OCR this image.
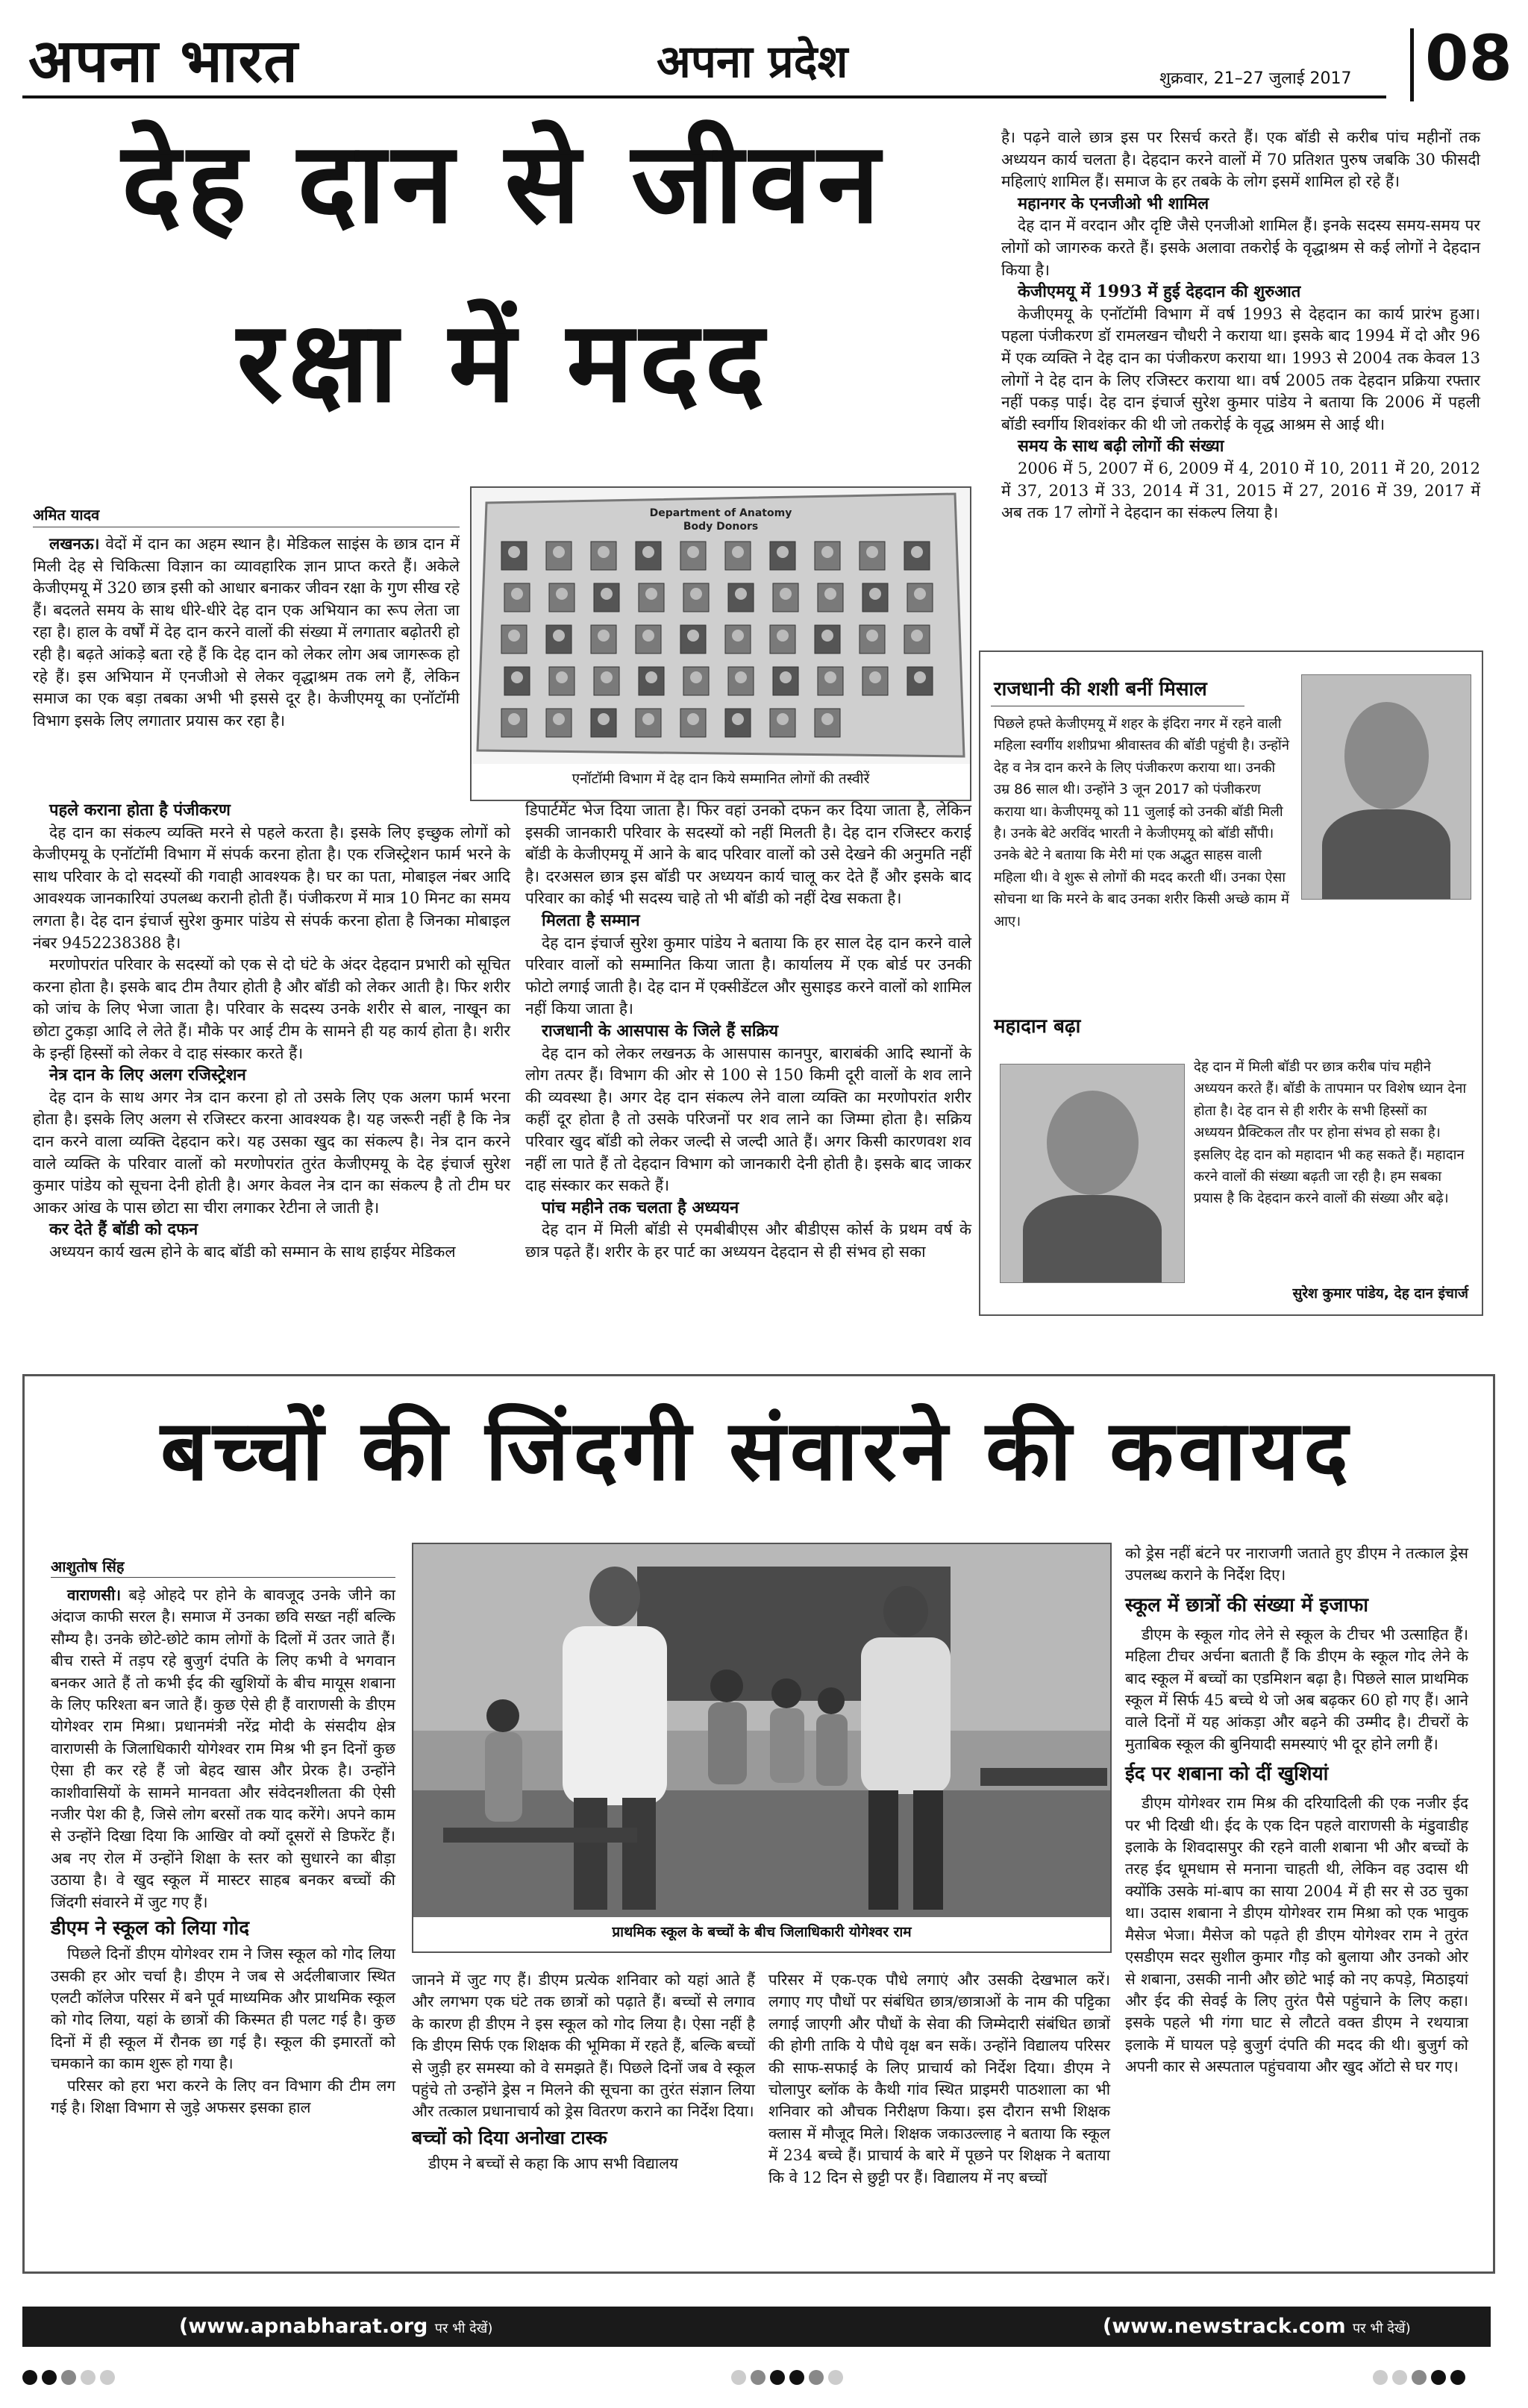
अपना भारत	अपना प्रदेश	शुक्रवार, 21–27 जुलाई 2017 08
देह दान से जीवन
रक्षा में मदद
अमित यादव	Department of Anatomy
Body Donors
एनॉटॉमी विभाग में देह दान किये सम्मानित लोगों की तस्वीरें

लखनऊ। वेदों में दान का अहम स्थान है। मेडिकल साइंस के छात्र दान में मिली देह से चिकित्सा विज्ञान का व्यावहारिक ज्ञान प्राप्त करते हैं। अकेले केजीएमयू में 320 छात्र इसी को आधार बनाकर जीवन रक्षा के गुण सीख रहे हैं। बदलते समय के साथ धीरे-धीरे देह दान एक अभियान का रूप लेता जा रहा है। हाल के वर्षों में देह दान करने वालों की संख्या में लगातार बढ़ोतरी हो रही है। बढ़ते आंकड़े बता रहे हैं कि देह दान को लेकर लोग अब जागरूक हो रहे हैं। इस अभियान में एनजीओ से लेकर वृद्धाश्रम तक लगे हैं, लेकिन समाज का एक बड़ा तबका अभी भी इससे दूर है। केजीएमयू का एनॉटॉमी विभाग इसके लिए लगातार प्रयास कर रहा है।

पहले कराना होता है पंजीकरण

देह दान का संकल्प व्यक्ति मरने से पहले करता है। इसके लिए इच्छुक लोगों को केजीएमयू के एनॉटॉमी विभाग में संपर्क करना होता है। एक रजिस्ट्रेशन फार्म भरने के साथ परिवार के दो सदस्यों की गवाही आवश्यक है। घर का पता, मोबाइल नंबर आदि आवश्यक जानकारियां उपलब्ध करानी होती हैं। पंजीकरण में मात्र 10 मिनट का समय लगता है। देह दान इंचार्ज सुरेश कुमार पांडेय से संपर्क करना होता है जिनका मोबाइल नंबर 9452238388 है।

मरणोपरांत परिवार के सदस्यों को एक से दो घंटे के अंदर देहदान प्रभारी को सूचित करना होता है। इसके बाद टीम तैयार होती है और बॉडी को लेकर आती है। फिर शरीर को जांच के लिए भेजा जाता है। परिवार के सदस्य उनके शरीर से बाल, नाखून का छोटा टुकड़ा आदि ले लेते हैं। मौके पर आई टीम के सामने ही यह कार्य होता है। शरीर के इन्हीं हिस्सों को लेकर वे दाह संस्कार करते हैं।

नेत्र दान के लिए अलग रजिस्ट्रेशन

देह दान के साथ अगर नेत्र दान करना हो तो उसके लिए एक अलग फार्म भरना होता है। इसके लिए अलग से रजिस्टर करना आवश्यक है। यह जरूरी नहीं है कि नेत्र दान करने वाला व्यक्ति देहदान करे। यह उसका खुद का संकल्प है। नेत्र दान करने वाले व्यक्ति के परिवार वालों को मरणोपरांत तुरंत केजीएमयू के देह इंचार्ज सुरेश कुमार पांडेय को सूचना देनी होती है। अगर केवल नेत्र दान का संकल्प है तो टीम घर आकर आंख के पास छोटा सा चीरा लगाकर रेटीना ले जाती है।

कर देते हैं बॉडी को दफन

अध्ययन कार्य खत्म होने के बाद बॉडी को सम्मान के साथ हाईयर मेडिकल

डिपार्टमेंट भेज दिया जाता है। फिर वहां उनको दफन कर दिया जाता है, लेकिन इसकी जानकारी परिवार के सदस्यों को नहीं मिलती है। देह दान रजिस्टर कराई बॉडी के केजीएमयू में आने के बाद परिवार वालों को उसे देखने की अनुमति नहीं है। दरअसल छात्र इस बॉडी पर अध्ययन कार्य चालू कर देते हैं और इसके बाद परिवार का कोई भी सदस्य चाहे तो भी बॉडी को नहीं देख सकता है।

मिलता है सम्मान

देह दान इंचार्ज सुरेश कुमार पांडेय ने बताया कि हर साल देह दान करने वाले परिवार वालों को सम्मानित किया जाता है। कार्यालय में एक बोर्ड पर उनकी फोटो लगाई जाती है। देह दान में एक्सीडेंटल और सुसाइड करने वालों को शामिल नहीं किया जाता है।

राजधानी के आसपास के जिले हैं सक्रिय

देह दान को लेकर लखनऊ के आसपास कानपुर, बाराबंकी आदि स्थानों के लोग तत्पर हैं। विभाग की ओर से 100 से 150 किमी दूरी वालों के शव लाने की व्यवस्था है। अगर देह दान संकल्प लेने वाला व्यक्ति का मरणोपरांत शरीर कहीं दूर होता है तो उसके परिजनों पर शव लाने का जिम्मा होता है। सक्रिय परिवार खुद बॉडी को लेकर जल्दी से जल्दी आते हैं। अगर किसी कारणवश शव नहीं ला पाते हैं तो देहदान विभाग को जानकारी देनी होती है। इसके बाद जाकर दाह संस्कार कर सकते हैं।

पांच महीने तक चलता है अध्ययन

देह दान में मिली बॉडी से एमबीबीएस और बीडीएस कोर्स के प्रथम वर्ष के छात्र पढ़ते हैं। शरीर के हर पार्ट का अध्ययन देहदान से ही संभव हो सका

है। पढ़ने वाले छात्र इस पर रिसर्च करते हैं। एक बॉडी से करीब पांच महीनों तक अध्ययन कार्य चलता है। देहदान करने वालों में 70 प्रतिशत पुरुष जबकि 30 फीसदी महिलाएं शामिल हैं। समाज के हर तबके के लोग इसमें शामिल हो रहे हैं।

महानगर के एनजीओ भी शामिल

देह दान में वरदान और दृष्टि जैसे एनजीओ शामिल हैं। इनके सदस्य समय-समय पर लोगों को जागरुक करते हैं। इसके अलावा तकरोई के वृद्धाश्रम से कई लोगों ने देहदान किया है।

केजीएमयू में 1993 में हुई देहदान की शुरुआत

केजीएमयू के एनॉटॉमी विभाग में वर्ष 1993 से देहदान का कार्य प्रारंभ हुआ। पहला पंजीकरण डॉ रामलखन चौधरी ने कराया था। इसके बाद 1994 में दो और 96 में एक व्यक्ति ने देह दान का पंजीकरण कराया था। 1993 से 2004 तक केवल 13 लोगों ने देह दान के लिए रजिस्टर कराया था। वर्ष 2005 तक देहदान प्रक्रिया रफ्तार नहीं पकड़ पाई। देह दान इंचार्ज सुरेश कुमार पांडेय ने बताया कि 2006 में पहली बॉडी स्वर्गीय शिवशंकर की थी जो तकरोई के वृद्ध आश्रम से आई थी।

समय के साथ बढ़ी लोगों की संख्या

2006 में 5, 2007 में 6, 2009 में 4, 2010 में 10, 2011 में 20, 2012 में 37, 2013 में 33, 2014 में 31, 2015 में 27, 2016 में 39, 2017 में अब तक 17 लोगों ने देहदान का संकल्प लिया है।

राजधानी की शशी बनीं मिसाल

पिछले हफ्ते केजीएमयू में शहर के इंदिरा नगर में रहने वाली महिला स्वर्गीय शशीप्रभा श्रीवास्तव की बॉडी पहुंची है। उन्होंने देह व नेत्र दान करने के लिए पंजीकरण कराया था। उनकी उम्र 86 साल थी। उन्होंने 3 जून 2017 को पंजीकरण कराया था। केजीएमयू को 11 जुलाई को उनकी बॉडी मिली है। उनके बेटे अरविंद भारती ने केजीएमयू को बॉडी सौंपी। उनके बेटे ने बताया कि मेरी मां एक अद्भुत साहस वाली महिला थी। वे शुरू से लोगों की मदद करती थीं। उनका ऐसा सोचना था कि मरने के बाद उनका शरीर किसी अच्छे काम में आए।

महादान बढ़ा

देह दान में मिली बॉडी पर छात्र करीब पांच महीने अध्ययन करते हैं। बॉडी के तापमान पर विशेष ध्यान देना होता है। देह दान से ही शरीर के सभी हिस्सों का अध्ययन प्रैक्टिकल तौर पर होना संभव हो सका है। इसलिए देह दान को महादान भी कह सकते हैं। महादान करने वालों की संख्या बढ़ती जा रही है। हम सबका प्रयास है कि देहदान करने वालों की संख्या और बढ़े।

सुरेश कुमार पांडेय, देह दान इंचार्ज
बच्चों की जिंदगी संवारने की कवायद
आशुतोष सिंह
प्राथमिक स्कूल के बच्चों के बीच जिलाधिकारी योगेश्वर राम

वाराणसी। बड़े ओहदे पर होने के बावजूद उनके जीने का अंदाज काफी सरल है। समाज में उनका छवि सख्त नहीं बल्कि सौम्य है। उनके छोटे-छोटे काम लोगों के दिलों में उतर जाते हैं। बीच रास्ते में तड़प रहे बुजुर्ग दंपति के लिए कभी वे भगवान बनकर आते हैं तो कभी ईद की खुशियों के बीच मायूस शबाना के लिए फरिश्ता बन जाते हैं। कुछ ऐसे ही हैं वाराणसी के डीएम योगेश्वर राम मिश्रा। प्रधानमंत्री नरेंद्र मोदी के संसदीय क्षेत्र वाराणसी के जिलाधिकारी योगेश्वर राम मिश्र भी इन दिनों कुछ ऐसा ही कर रहे हैं जो बेहद खास और प्रेरक है। उन्होंने काशीवासियों के सामने मानवता और संवेदनशीलता की ऐसी नजीर पेश की है, जिसे लोग बरसों तक याद करेंगे। अपने काम से उन्होंने दिखा दिया कि आखिर वो क्यों दूसरों से डिफरेंट हैं। अब नए रोल में उन्होंने शिक्षा के स्तर को सुधारने का बीड़ा उठाया है। वे खुद स्कूल में मास्टर साहब बनकर बच्चों की जिंदगी संवारने में जुट गए हैं।

डीएम ने स्कूल को लिया गोद

पिछले दिनों डीएम योगेश्वर राम ने जिस स्कूल को गोद लिया उसकी हर ओर चर्चा है। डीएम ने जब से अर्दलीबाजार स्थित एलटी कॉलेज परिसर में बने पूर्व माध्यमिक और प्राथमिक स्कूल को गोद लिया, यहां के छात्रों की किस्मत ही पलट गई है। कुछ दिनों में ही स्कूल में रौनक छा गई है। स्कूल की इमारतों को चमकाने का काम शुरू हो गया है।

परिसर को हरा भरा करने के लिए वन विभाग की टीम लग गई है। शिक्षा विभाग से जुड़े अफसर इसका हाल

जानने में जुट गए हैं। डीएम प्रत्येक शनिवार को यहां आते हैं और लगभग एक घंटे तक छात्रों को पढ़ाते हैं। बच्चों से लगाव के कारण ही डीएम ने इस स्कूल को गोद लिया है। ऐसा नहीं है कि डीएम सिर्फ एक शिक्षक की भूमिका में रहते हैं, बल्कि बच्चों से जुड़ी हर समस्या को वे समझते हैं। पिछले दिनों जब वे स्कूल पहुंचे तो उन्होंने ड्रेस न मिलने की सूचना का तुरंत संज्ञान लिया और तत्काल प्रधानाचार्य को ड्रेस वितरण कराने का निर्देश दिया।

बच्चों को दिया अनोखा टास्क

डीएम ने बच्चों से कहा कि आप सभी विद्यालय

परिसर में एक-एक पौधे लगाएं और उसकी देखभाल करें। लगाए गए पौधों पर संबंधित छात्र/छात्राओं के नाम की पट्टिका लगाई जाएगी और पौधों के सेवा की जिम्मेदारी संबंधित छात्रों की होगी ताकि ये पौधे वृक्ष बन सकें। उन्होंने विद्यालय परिसर की साफ-सफाई के लिए प्राचार्य को निर्देश दिया। डीएम ने चोलापुर ब्लॉक के कैथी गांव स्थित प्राइमरी पाठशाला का भी शनिवार को औचक निरीक्षण किया। इस दौरान सभी शिक्षक क्लास में मौजूद मिले। शिक्षक जकाउल्लाह ने बताया कि स्कूल में 234 बच्चे हैं। प्राचार्य के बारे में पूछने पर शिक्षक ने बताया कि वे 12 दिन से छुट्टी पर हैं। विद्यालय में नए बच्चों

को ड्रेस नहीं बंटने पर नाराजगी जताते हुए डीएम ने तत्काल ड्रेस उपलब्ध कराने के निर्देश दिए।

स्कूल में छात्रों की संख्या में इजाफा

डीएम के स्कूल गोद लेने से स्कूल के टीचर भी उत्साहित हैं। महिला टीचर अर्चना बताती हैं कि डीएम के स्कूल गोद लेने के बाद स्कूल में बच्चों का एडमिशन बढ़ा है। पिछले साल प्राथमिक स्कूल में सिर्फ 45 बच्चे थे जो अब बढ़कर 60 हो गए हैं। आने वाले दिनों में यह आंकड़ा और बढ़ने की उम्मीद है। टीचरों के मुताबिक स्कूल की बुनियादी समस्याएं भी दूर होने लगी हैं।

ईद पर शबाना को दीं खुशियां

डीएम योगेश्वर राम मिश्र की दरियादिली की एक नजीर ईद पर भी दिखी थी। ईद के एक दिन पहले वाराणसी के मंडुवाडीह इलाके के शिवदासपुर की रहने वाली शबाना भी और बच्चों के तरह ईद धूमधाम से मनाना चाहती थी, लेकिन वह उदास थी क्योंकि उसके मां-बाप का साया 2004 में ही सर से उठ चुका था। उदास शबाना ने डीएम योगेश्वर राम मिश्रा को एक भावुक मैसेज भेजा। मैसेज को पढ़ते ही डीएम योगेश्वर राम ने तुरंत एसडीएम सदर सुशील कुमार गौड़ को बुलाया और उनको ओर से शबाना, उसकी नानी और छोटे भाई को नए कपड़े, मिठाइयां और ईद की सेवई के लिए तुरंत पैसे पहुंचाने के लिए कहा। इसके पहले भी गंगा घाट से लौटते वक्त डीएम ने रथयात्रा इलाके में घायल पड़े बुजुर्ग दंपति की मदद की थी। बुजुर्ग को अपनी कार से अस्पताल पहुंचवाया और खुद ऑटो से घर गए।

(www.apnabharat.org पर भी देखें)	(www.newstrack.com पर भी देखें)
